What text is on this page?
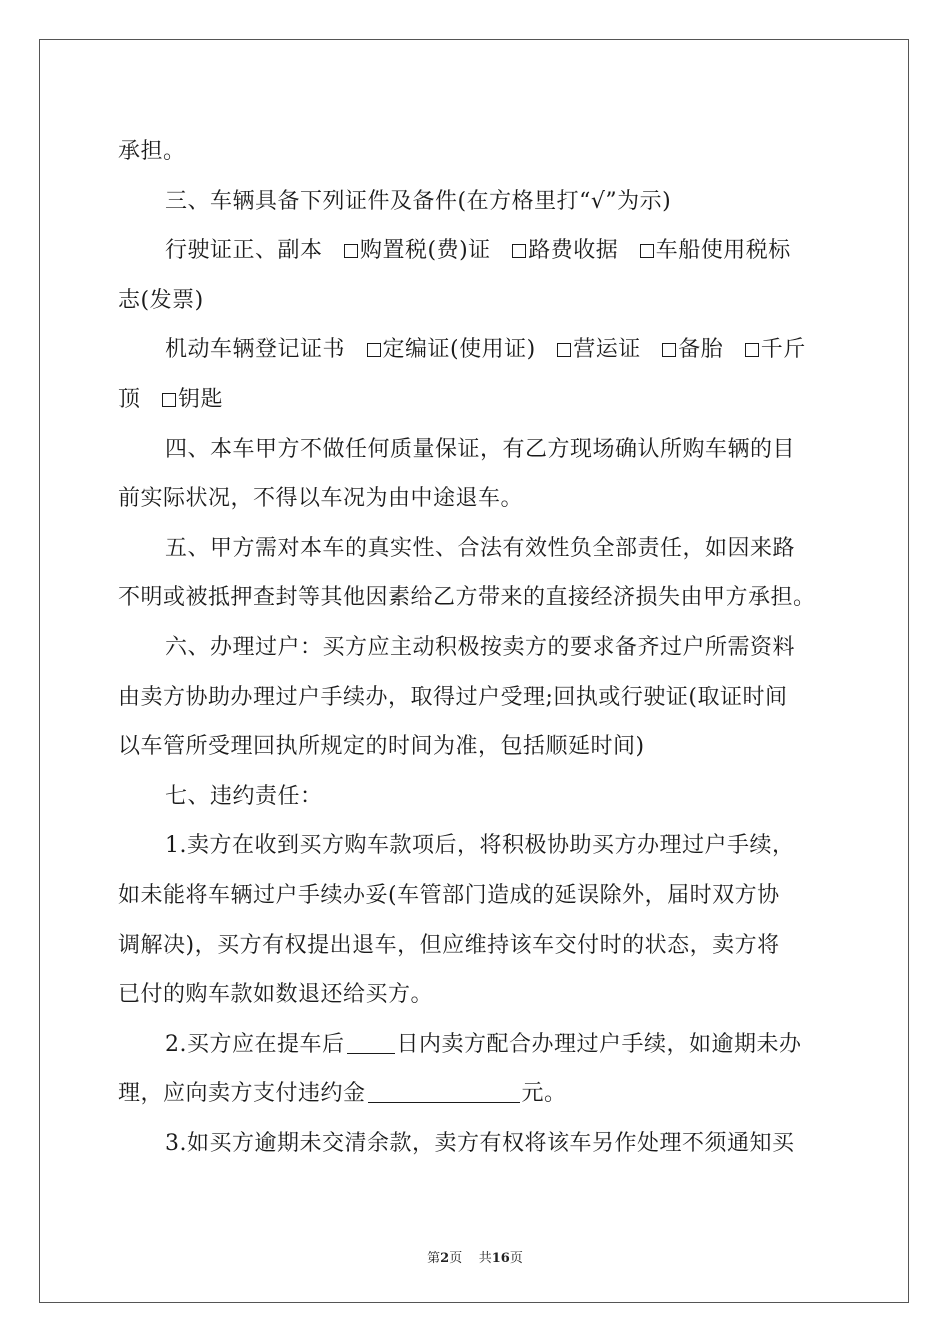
承担。
三、车辆具备下列证件及备件(在方格里打“√”为示)
行驶证正、副本 购置税(费)证 路费收据 车船使用税标
志(发票)
机动车辆登记证书 定编证(使用证) 营运证 备胎 千斤
顶 钥匙
四、本车甲方不做任何质量保证，有乙方现场确认所购车辆的目
前实际状况，不得以车况为由中途退车。
五、甲方需对本车的真实性、合法有效性负全部责任，如因来路
不明或被抵押查封等其他因素给乙方带来的直接经济损失由甲方承担。
六、办理过户：买方应主动积极按卖方的要求备齐过户所需资料
由卖方协助办理过户手续办，取得过户受理;回执或行驶证(取证时间
以车管所受理回执所规定的时间为准，包括顺延时间)
七、违约责任：
1.卖方在收到买方购车款项后，将积极协助买方办理过户手续，
如未能将车辆过户手续办妥(车管部门造成的延误除外，届时双方协
调解决)，买方有权提出退车，但应维持该车交付时的状态，卖方将
已付的购车款如数退还给买方。
2.买方应在提车后 日内卖方配合办理过户手续，如逾期未办
理，应向卖方支付违约金	元。
3.如买方逾期未交清余款，卖方有权将该车另作处理不须通知买
第2页    共16页
